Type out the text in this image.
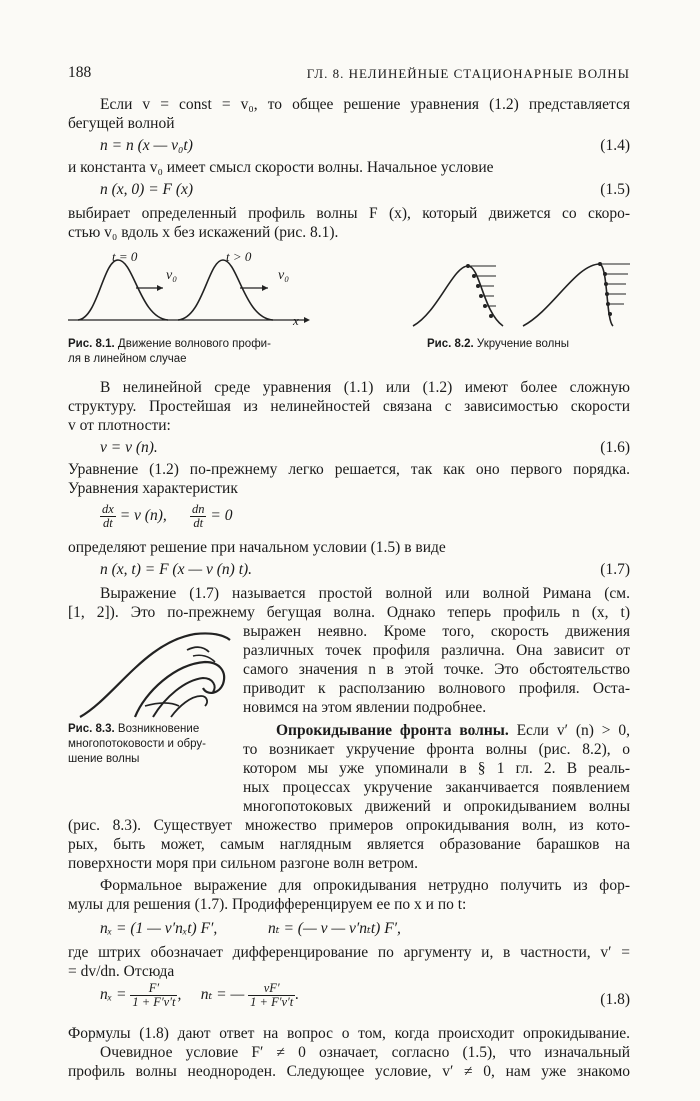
188	ГЛ. 8. НЕЛИНЕЙНЫЕ СТАЦИОНАРНЫЕ ВОЛНЫ
Если v = const = v₀, то общее решение уравнения (1.2) представляется
бегущей волной
n = n (x — v₀t)	(1.4)
и константа v₀ имеет смысл скорости волны. Начальное условие
n (x, 0) = F (x)	(1.5)
выбирает определенный профиль волны F (x), который движется со скоро-
стью v₀ вдоль x без искажений (рис. 8.1).
t = 0	t > 0
v₀	v₀
x
Рис. 8.1. Движение волнового профи-
ля в линейном случае
Рис. 8.2. Укручение волны
В нелинейной среде уравнения (1.1) или (1.2) имеют более сложную
структуру. Простейшая из нелинейностей связана с зависимостью скорости
v от плотности:
v = v (n).	(1.6)
Уравнение (1.2) по-прежнему легко решается, так как оно первого порядка.
Уравнения характеристик
$\frac{dx}{dt} = v$ (n), $\frac{dn}{dt} = 0$
определяют решение при начальном условии (1.5) в виде
n (x, t) = F (x — v (n) t).	(1.7)
Выражение (1.7) называется простой волной или волной Римана (см.
[1, 2]). Это по-прежнему бегущая волна. Однако теперь профиль n (x, t)
выражен неявно. Кроме того, скорость движения
различных точек профиля различна. Она зависит от
самого значения n в этой точке. Это обстоятельство
приводит к расползанию волнового профиля. Оста-
новимся на этом явлении подробнее.
Рис. 8.3. Возникновение
многопотоковости и обру-
шение волны
Опрокидывание фронта волны. Если v′ (n) > 0,
то возникает укручение фронта волны (рис. 8.2), о
котором мы уже упоминали в § 1 гл. 2. В реаль-
ных процессах укручение заканчивается появлением
многопотоковых движений и опрокидыванием волны
(рис. 8.3). Существует множество примеров опрокидывания волн, из кото-
рых, быть может, самым наглядным является образование барашков на
поверхности моря при сильном разгоне волн ветром.
Формальное выражение для опрокидывания нетрудно получить из фор-
мулы для решения (1.7). Продифференцируем ее по x и по t:
nₓ = (1 — v′nₓt) F′,	nₜ = (— v — v′nₜt) F′,
где штрих обозначает дифференцирование по аргументу и, в частности, v′ =
= dv/dn. Отсюда
$n_x = \frac{F'}{1 + F'v't}$ ,     nₜ = — $\frac{vF'}{1 + F'v't}$ .	(1.8)
Формулы (1.8) дают ответ на вопрос о том, когда происходит опрокидывание.
Очевидное условие F′ ≠ 0 означает, согласно (1.5), что изначальный
профиль волны неоднороден. Следующее условие, v′ ≠ 0, нам уже знакомо
